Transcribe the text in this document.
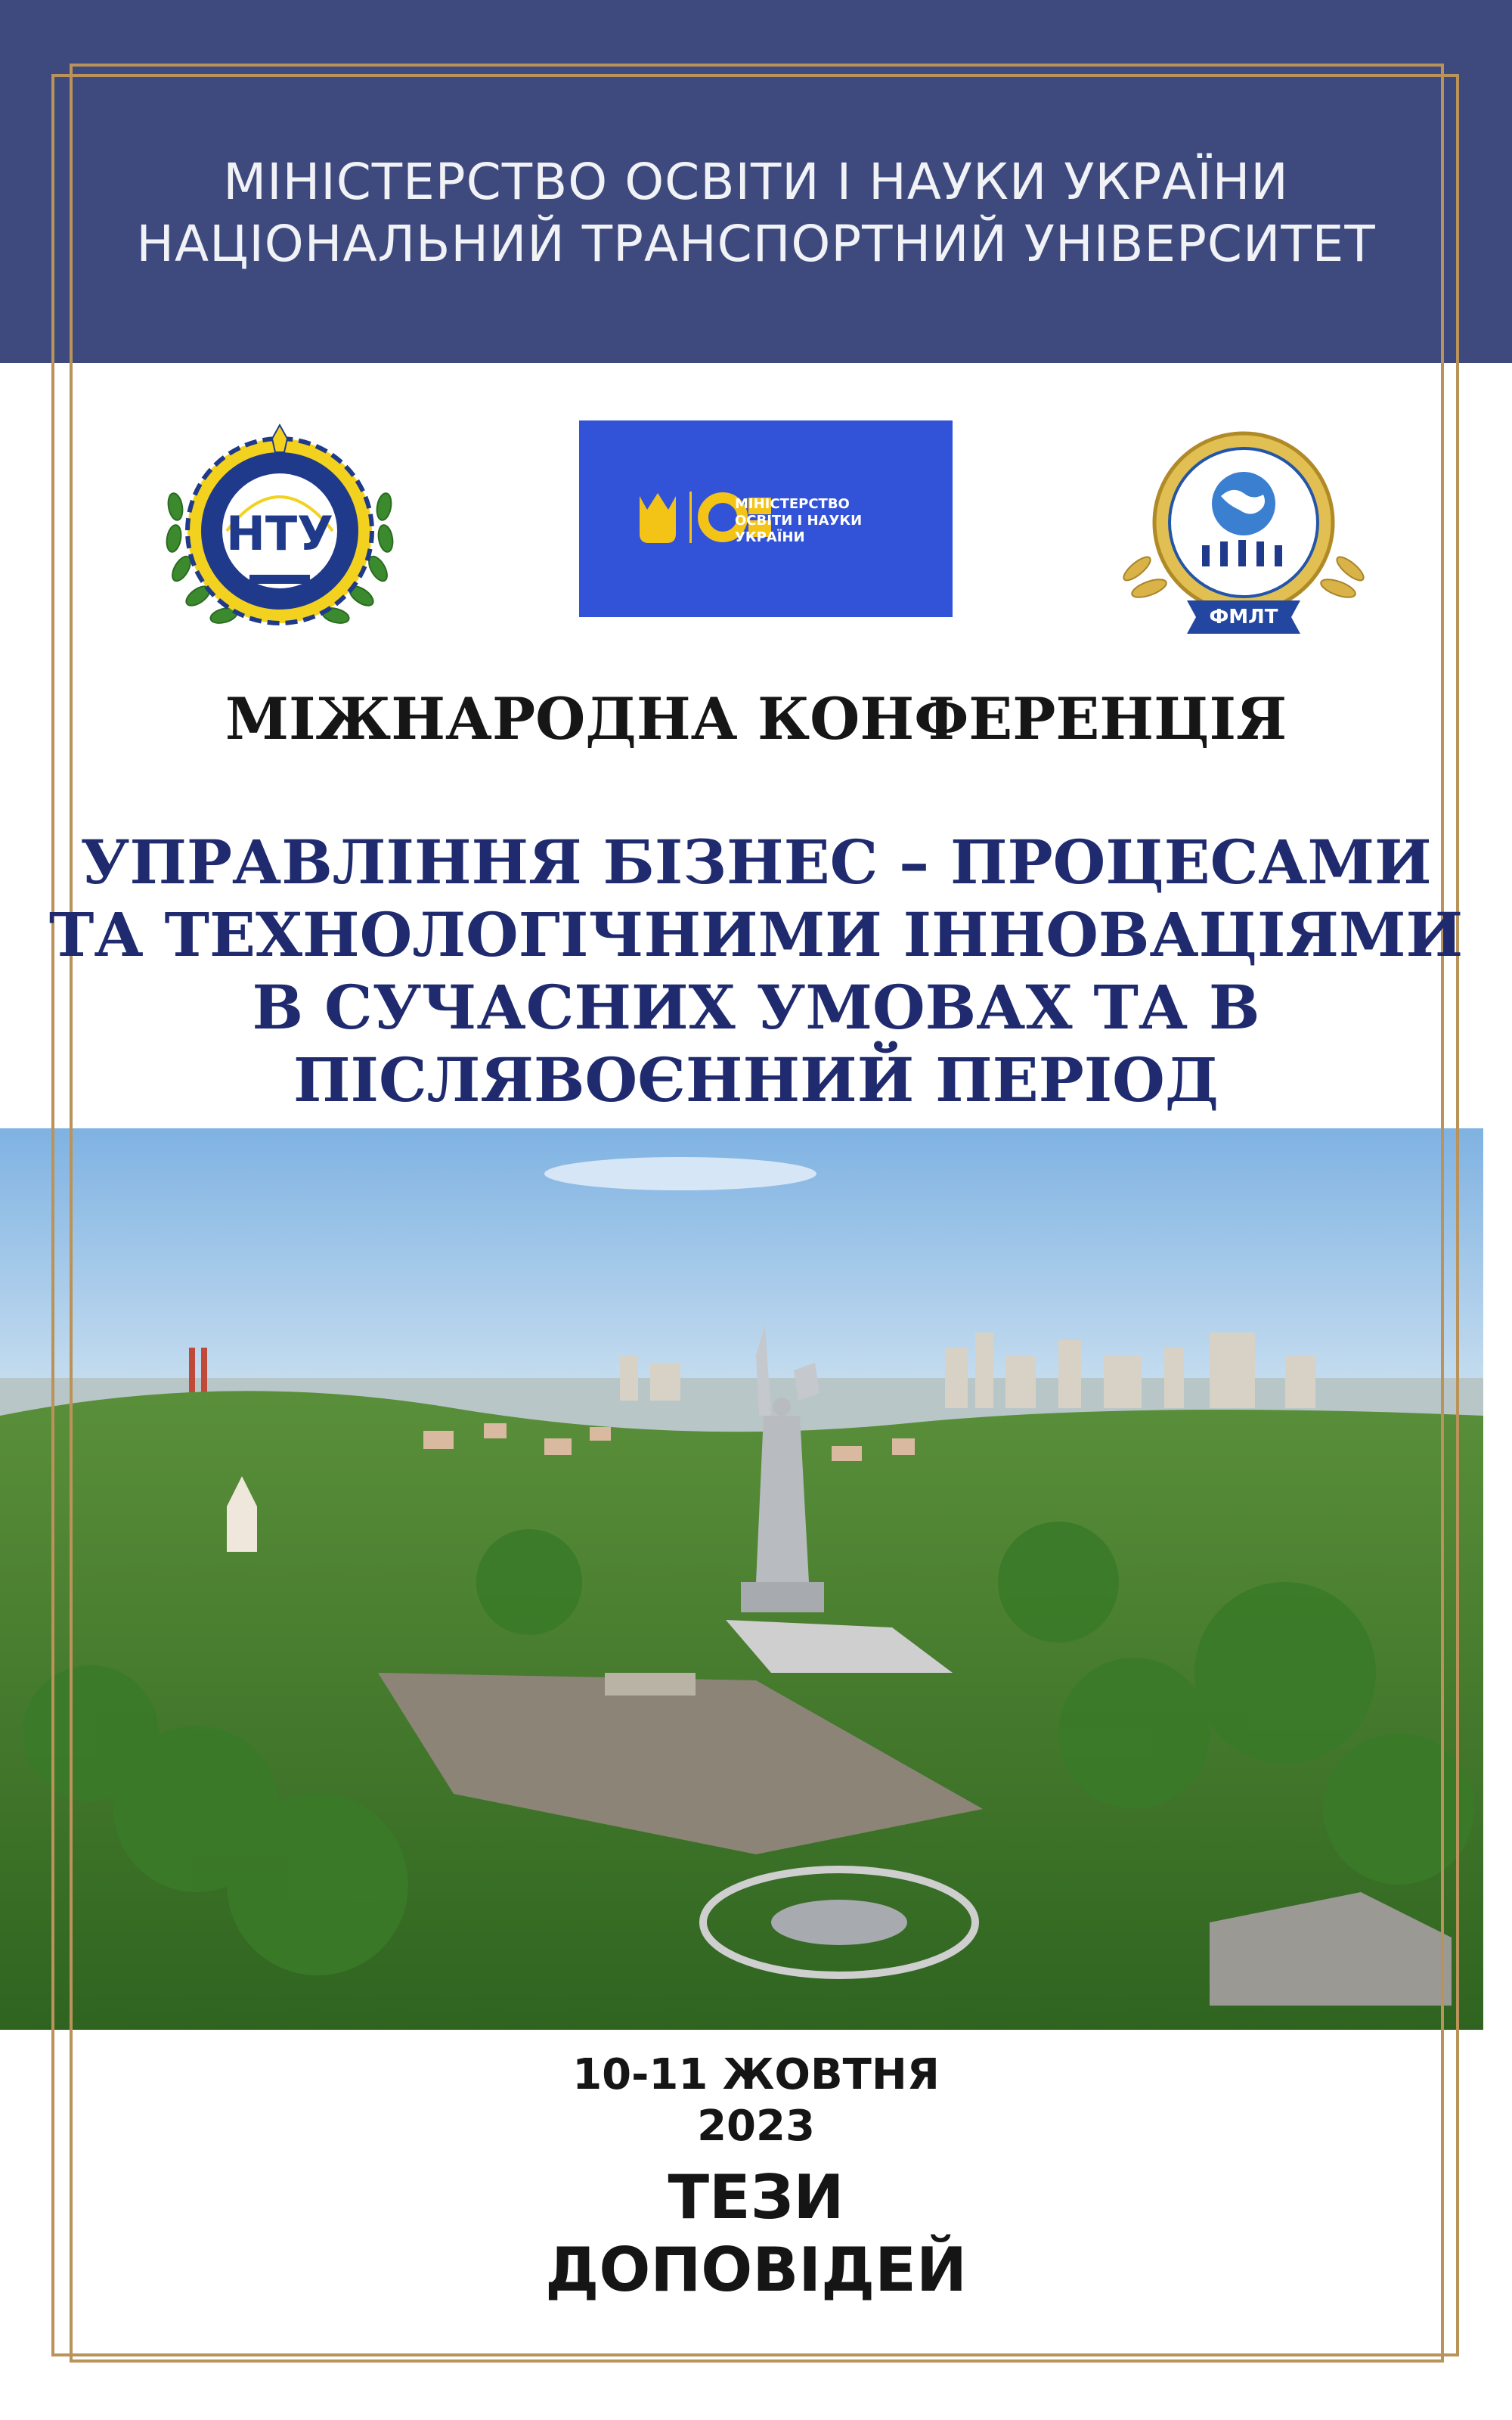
МІНІСТЕРСТВО ОСВІТИ І НАУКИ УКРАЇНИ
НАЦІОНАЛЬНИЙ ТРАНСПОРТНИЙ УНІВЕРСИТЕТ
НТУ
МІНІСТЕРСТВО
ОСВІТИ І НАУКИ
УКРАЇНИ
ФМЛТ
МІЖНАРОДНА КОНФЕРЕНЦІЯ
УПРАВЛІННЯ БІЗНЕС – ПРОЦЕСАМИ
ТА ТЕХНОЛОГІЧНИМИ ІННОВАЦІЯМИ
В СУЧАСНИХ УМОВАХ ТА В
ПІСЛЯВОЄННИЙ ПЕРІОД
10-11 ЖОВТНЯ
2023
ТЕЗИ
ДОПОВІДЕЙ
